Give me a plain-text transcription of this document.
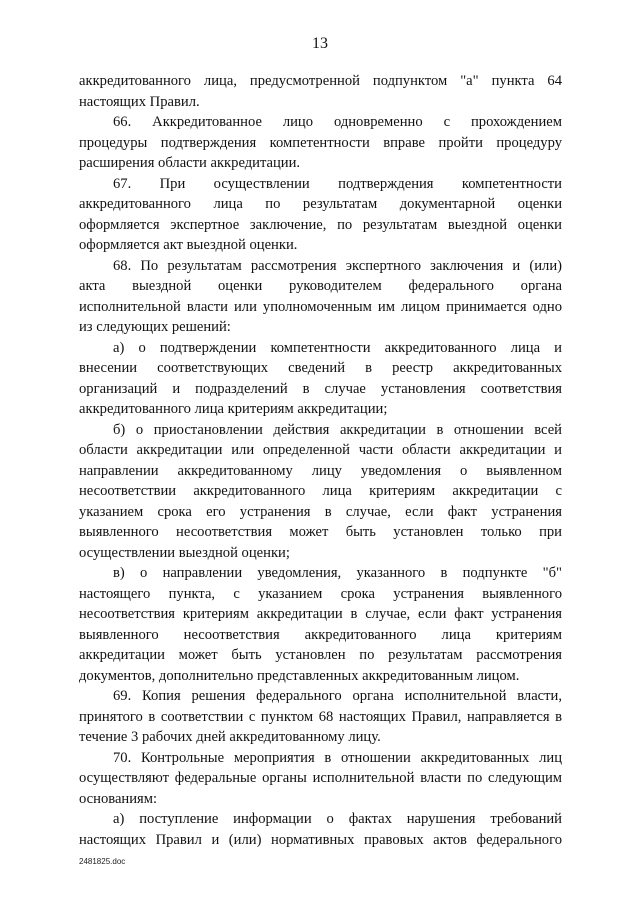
13
аккредитованного лица, предусмотренной подпунктом "а" пункта 64
настоящих Правил.
66. Аккредитованное лицо одновременно с прохождением
процедуры подтверждения компетентности вправе пройти процедуру
расширения области аккредитации.
67. При осуществлении подтверждения компетентности
аккредитованного лица по результатам документарной оценки
оформляется экспертное заключение, по результатам выездной оценки
оформляется акт выездной оценки.
68. По результатам рассмотрения экспертного заключения и (или)
акта выездной оценки руководителем федерального органа
исполнительной власти или уполномоченным им лицом принимается одно
из следующих решений:
а) о подтверждении компетентности аккредитованного лица и
внесении соответствующих сведений в реестр аккредитованных
организаций и подразделений в случае установления соответствия
аккредитованного лица критериям аккредитации;
б) о приостановлении действия аккредитации в отношении всей
области аккредитации или определенной части области аккредитации и
направлении аккредитованному лицу уведомления о выявленном
несоответствии аккредитованного лица критериям аккредитации с
указанием срока его устранения в случае, если факт устранения
выявленного несоответствия может быть установлен только при
осуществлении выездной оценки;
в) о направлении уведомления, указанного в подпункте "б"
настоящего пункта, с указанием срока устранения выявленного
несоответствия критериям аккредитации в случае, если факт устранения
выявленного несоответствия аккредитованного лица критериям
аккредитации может быть установлен по результатам рассмотрения
документов, дополнительно представленных аккредитованным лицом.
69. Копия решения федерального органа исполнительной власти,
принятого в соответствии с пунктом 68 настоящих Правил, направляется в
течение 3 рабочих дней аккредитованному лицу.
70. Контрольные мероприятия в отношении аккредитованных лиц
осуществляют федеральные органы исполнительной власти по следующим
основаниям:
а) поступление информации о фактах нарушения требований
настоящих Правил и (или) нормативных правовых актов федерального
2481825.doc
